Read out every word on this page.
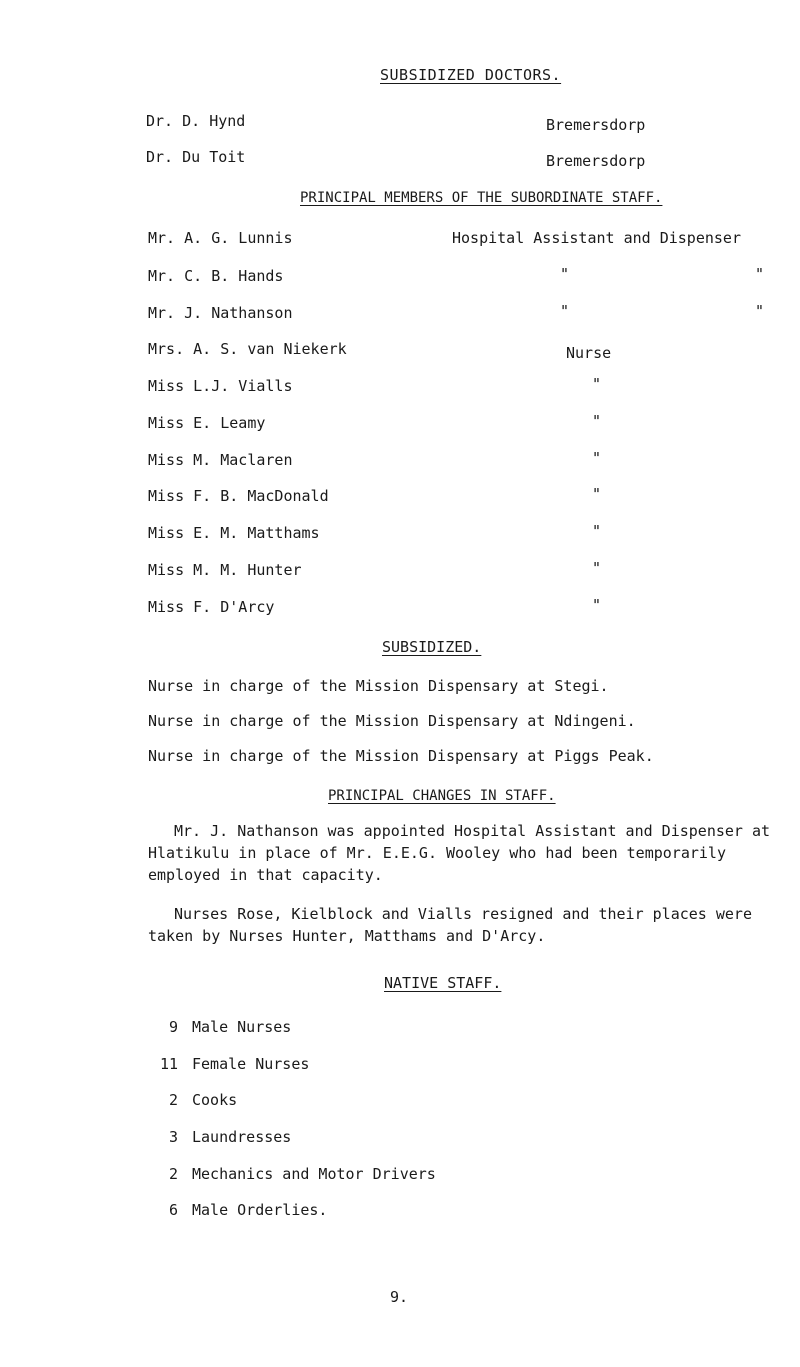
SUBSIDIZED DOCTORS.
Dr. D. Hynd	Bremersdorp
Dr. Du Toit	Bremersdorp
PRINCIPAL MEMBERS OF THE SUBORDINATE STAFF.
Mr. A. G. Lunnis	Hospital Assistant and Dispenser
Mr. C. B. Hands	"	"
Mr. J. Nathanson	"	"
Mrs. A. S. van Niekerk	Nurse
Miss L.J. Vialls	"
Miss E. Leamy	"
Miss M. Maclaren	"
Miss F. B. MacDonald	"
Miss E. M. Matthams	"
Miss M. M. Hunter	"
Miss F. D'Arcy	"
SUBSIDIZED.
Nurse in charge of the Mission Dispensary at Stegi.
Nurse in charge of the Mission Dispensary at Ndingeni.
Nurse in charge of the Mission Dispensary at Piggs Peak.
PRINCIPAL CHANGES IN STAFF.
Mr. J. Nathanson was appointed Hospital Assistant and Dispenser at Hlatikulu in place of Mr. E.E.G. Wooley who had been temporarily employed in that capacity.
Nurses Rose, Kielblock and Vialls resigned and their places were taken by Nurses Hunter, Matthams and D'Arcy.
NATIVE STAFF.
9 Male Nurses
11 Female Nurses
2 Cooks
3 Laundresses
2 Mechanics and Motor Drivers
6 Male Orderlies.
9.
